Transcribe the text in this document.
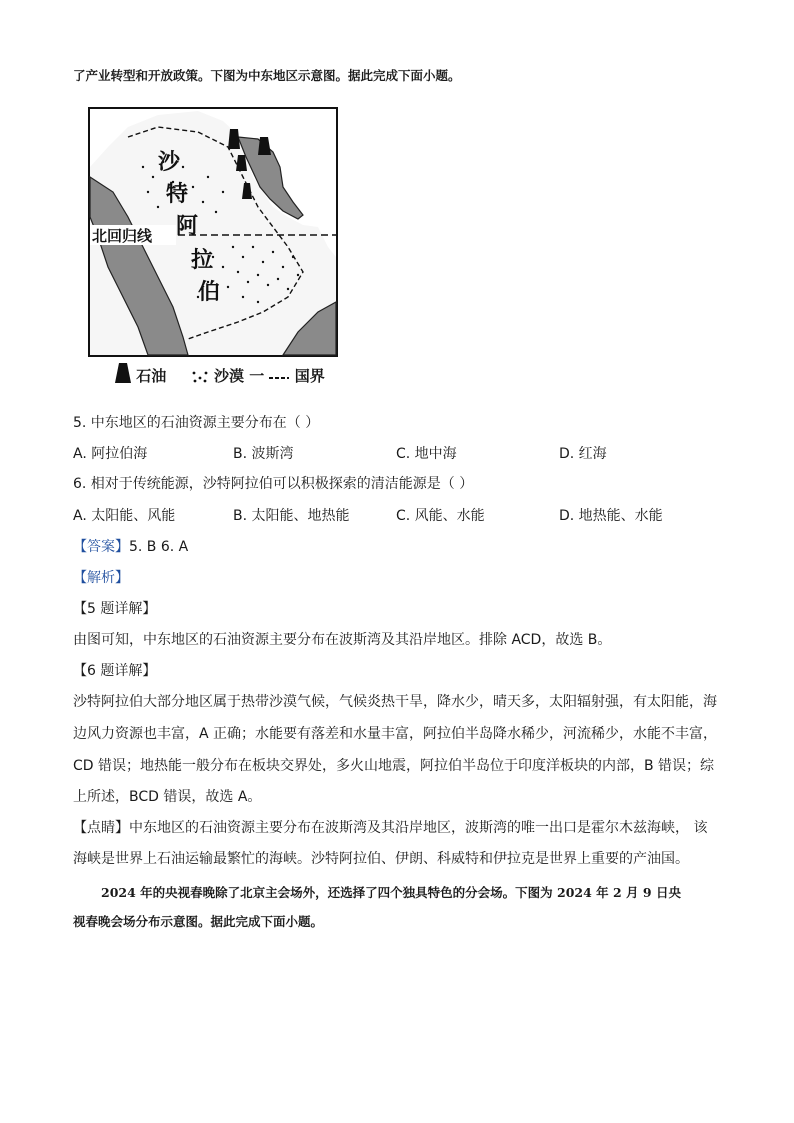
了产业转型和开放政策。下图为中东地区示意图。据此完成下面小题。
沙
特
阿
拉
伯
北回归线
石油	沙漠 一 国界
5. 中东地区的石油资源主要分布在（ ）
A. 阿拉伯海	B. 波斯湾	C. 地中海	D. 红海
6. 相对于传统能源，沙特阿拉伯可以积极探索的清洁能源是（ ）
A. 太阳能、风能	B. 太阳能、地热能	C. 风能、水能	D. 地热能、水能
【答案】5. B 6. A
【解析】
【5 题详解】
由图可知，中东地区的石油资源主要分布在波斯湾及其沿岸地区。排除 ACD，故选 B。
【6 题详解】
沙特阿拉伯大部分地区属于热带沙漠气候，气候炎热干旱，降水少，晴天多，太阳辐射强，有太阳能，海
边风力资源也丰富，A 正确；水能要有落差和水量丰富，阿拉伯半岛降水稀少，河流稀少，水能不丰富，
CD 错误；地热能一般分布在板块交界处，多火山地震，阿拉伯半岛位于印度洋板块的内部，B 错误；综
上所述，BCD 错误，故选 A。
【点睛】中东地区的石油资源主要分布在波斯湾及其沿岸地区，波斯湾的唯一出口是霍尔木兹海峡， 该
海峡是世界上石油运输最繁忙的海峡。沙特阿拉伯、伊朗、科威特和伊拉克是世界上重要的产油国。
2024 年的央视春晚除了北京主会场外，还选择了四个独具特色的分会场。下图为 2024 年 2 月 9 日央
视春晚会场分布示意图。据此完成下面小题。
